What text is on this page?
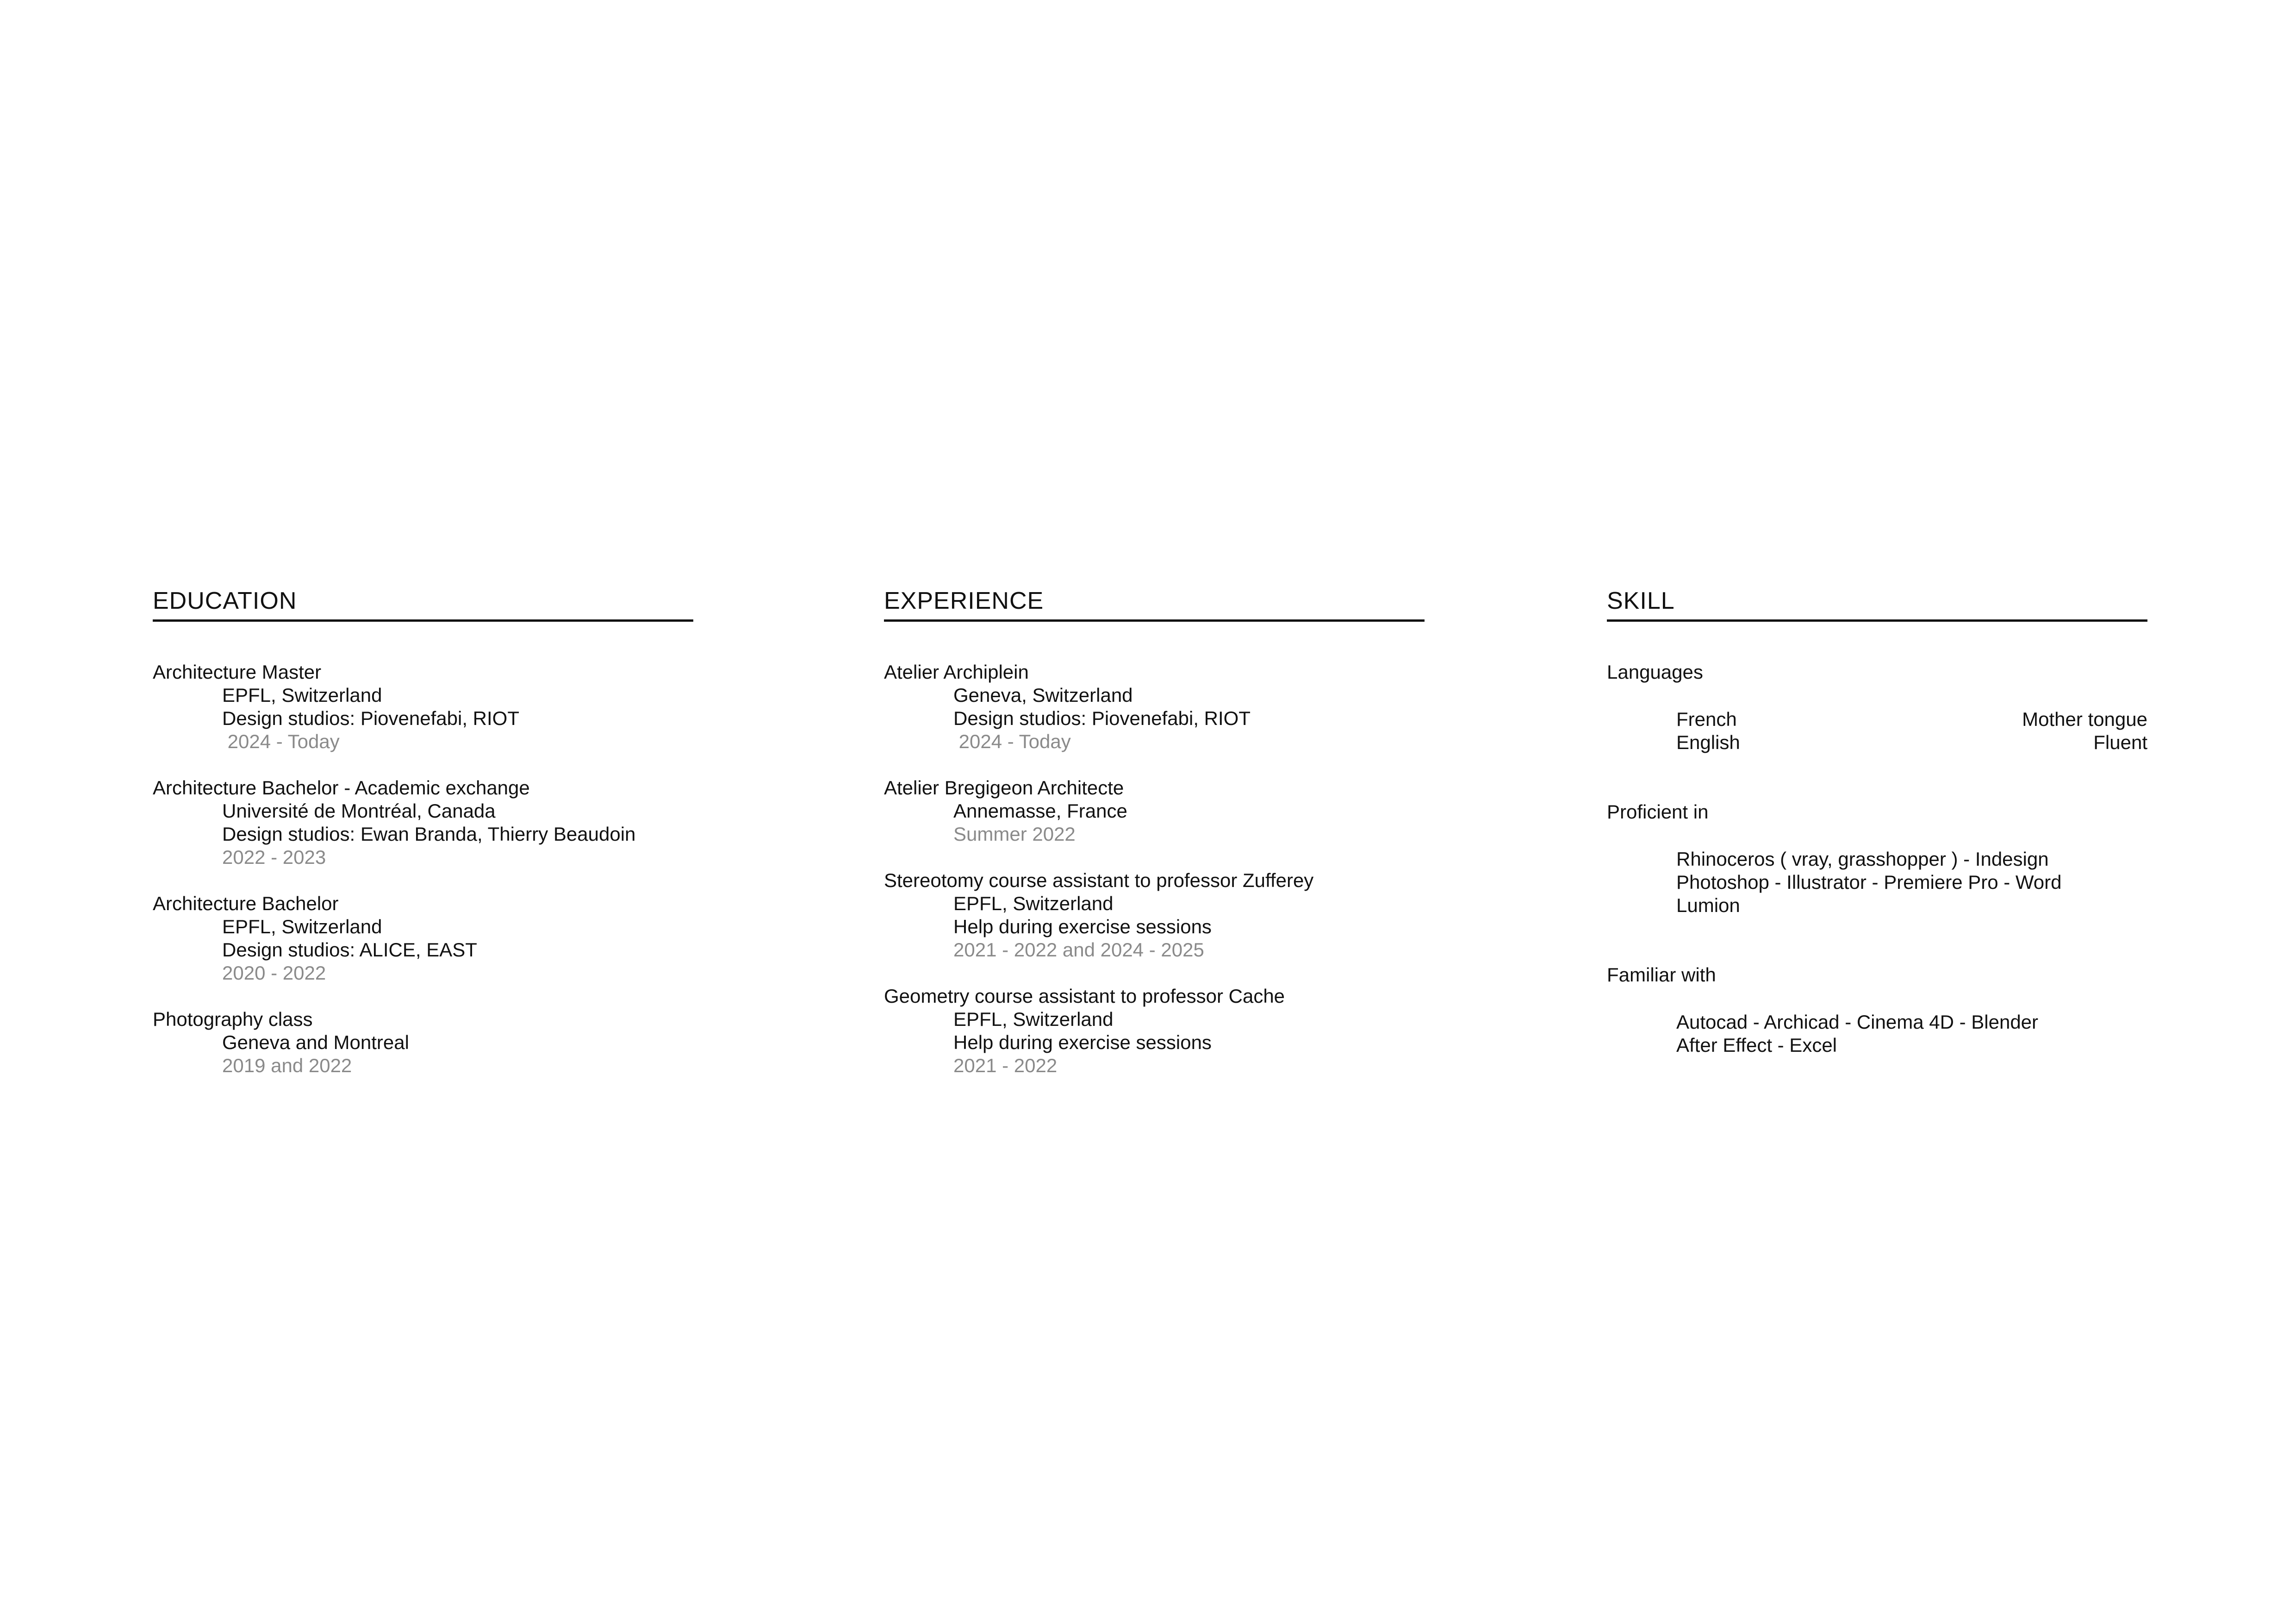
EDUCATION
Architecture Master
EPFL, Switzerland
Design studios: Piovenefabi, RIOT
2024 - Today
Architecture Bachelor - Academic exchange
Université de Montréal, Canada
Design studios: Ewan Branda, Thierry Beaudoin
2022 - 2023
Architecture Bachelor
EPFL, Switzerland
Design studios: ALICE, EAST
2020 - 2022
Photography class
Geneva and Montreal
2019 and 2022
EXPERIENCE
Atelier Archiplein
Geneva, Switzerland
Design studios: Piovenefabi, RIOT
2024 - Today
Atelier Bregigeon Architecte
Annemasse, France
Summer 2022
Stereotomy course assistant to professor Zufferey
EPFL, Switzerland
Help during exercise sessions
2021 - 2022 and 2024 - 2025
Geometry course assistant to professor Cache
EPFL, Switzerland
Help during exercise sessions
2021 - 2022
SKILL
Languages
French	Mother tongue
English	Fluent
Proficient in
Rhinoceros ( vray, grasshopper ) - Indesign
Photoshop - Illustrator - Premiere Pro - Word
Lumion
Familiar with
Autocad - Archicad - Cinema 4D - Blender
After Effect - Excel
